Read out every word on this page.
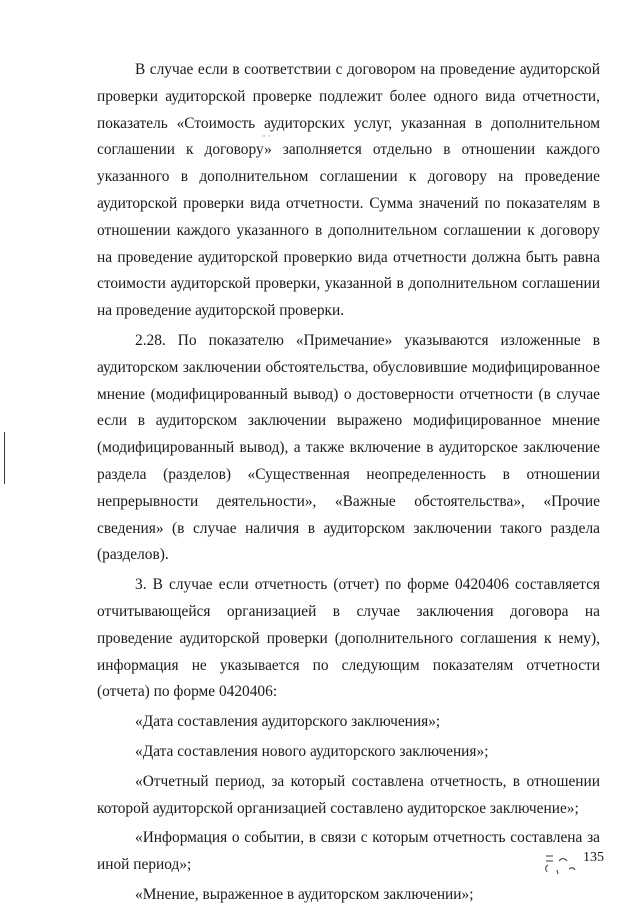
'' '

В случае если в соответствии с договором на проведение аудиторской проверки аудиторской проверке подлежит более одного вида отчетности, показатель «Стоимость аудиторских услуг, указанная в дополнительном соглашении к договору» заполняется отдельно в отношении каждого указанного в дополнительном соглашении к договору на проведение аудиторской проверки вида отчетности. Сумма значений по показателям в отношении каждого указанного в дополнительном соглашении к договору на проведение аудиторской проверкио вида отчетности должна быть равна стоимости аудиторской проверки, указанной в дополнительном соглашении на проведение аудиторской проверки.

2.28. По показателю «Примечание» указываются изложенные в аудиторском заключении обстоятельства, обусловившие модифицированное мнение (модифицированный вывод) о достоверности отчетности (в случае если в аудиторском заключении выражено модифицированное мнение (модифицированный вывод), а также включение в аудиторское заключение раздела (разделов) «Существенная неопределенность в отношении непрерывности деятельности», «Важные обстоятельства», «Прочие сведения» (в случае наличия в аудиторском заключении такого раздела (разделов).

3. В случае если отчетность (отчет) по форме 0420406 составляется отчитывающейся организацией в случае заключения договора на проведение аудиторской проверки (дополнительного соглашения к нему), информация не указывается по следующим показателям отчетности (отчета) по форме 0420406:

«Дата составления аудиторского заключения»;

«Дата составления нового аудиторского заключения»;

«Отчетный период, за который составлена отчетность, в отношении которой аудиторской организацией составлено аудиторское заключение»;

«Информация о событии, в связи с которым отчетность составлена за иной период»;

«Мнение, выраженное в аудиторском заключении»;

135
